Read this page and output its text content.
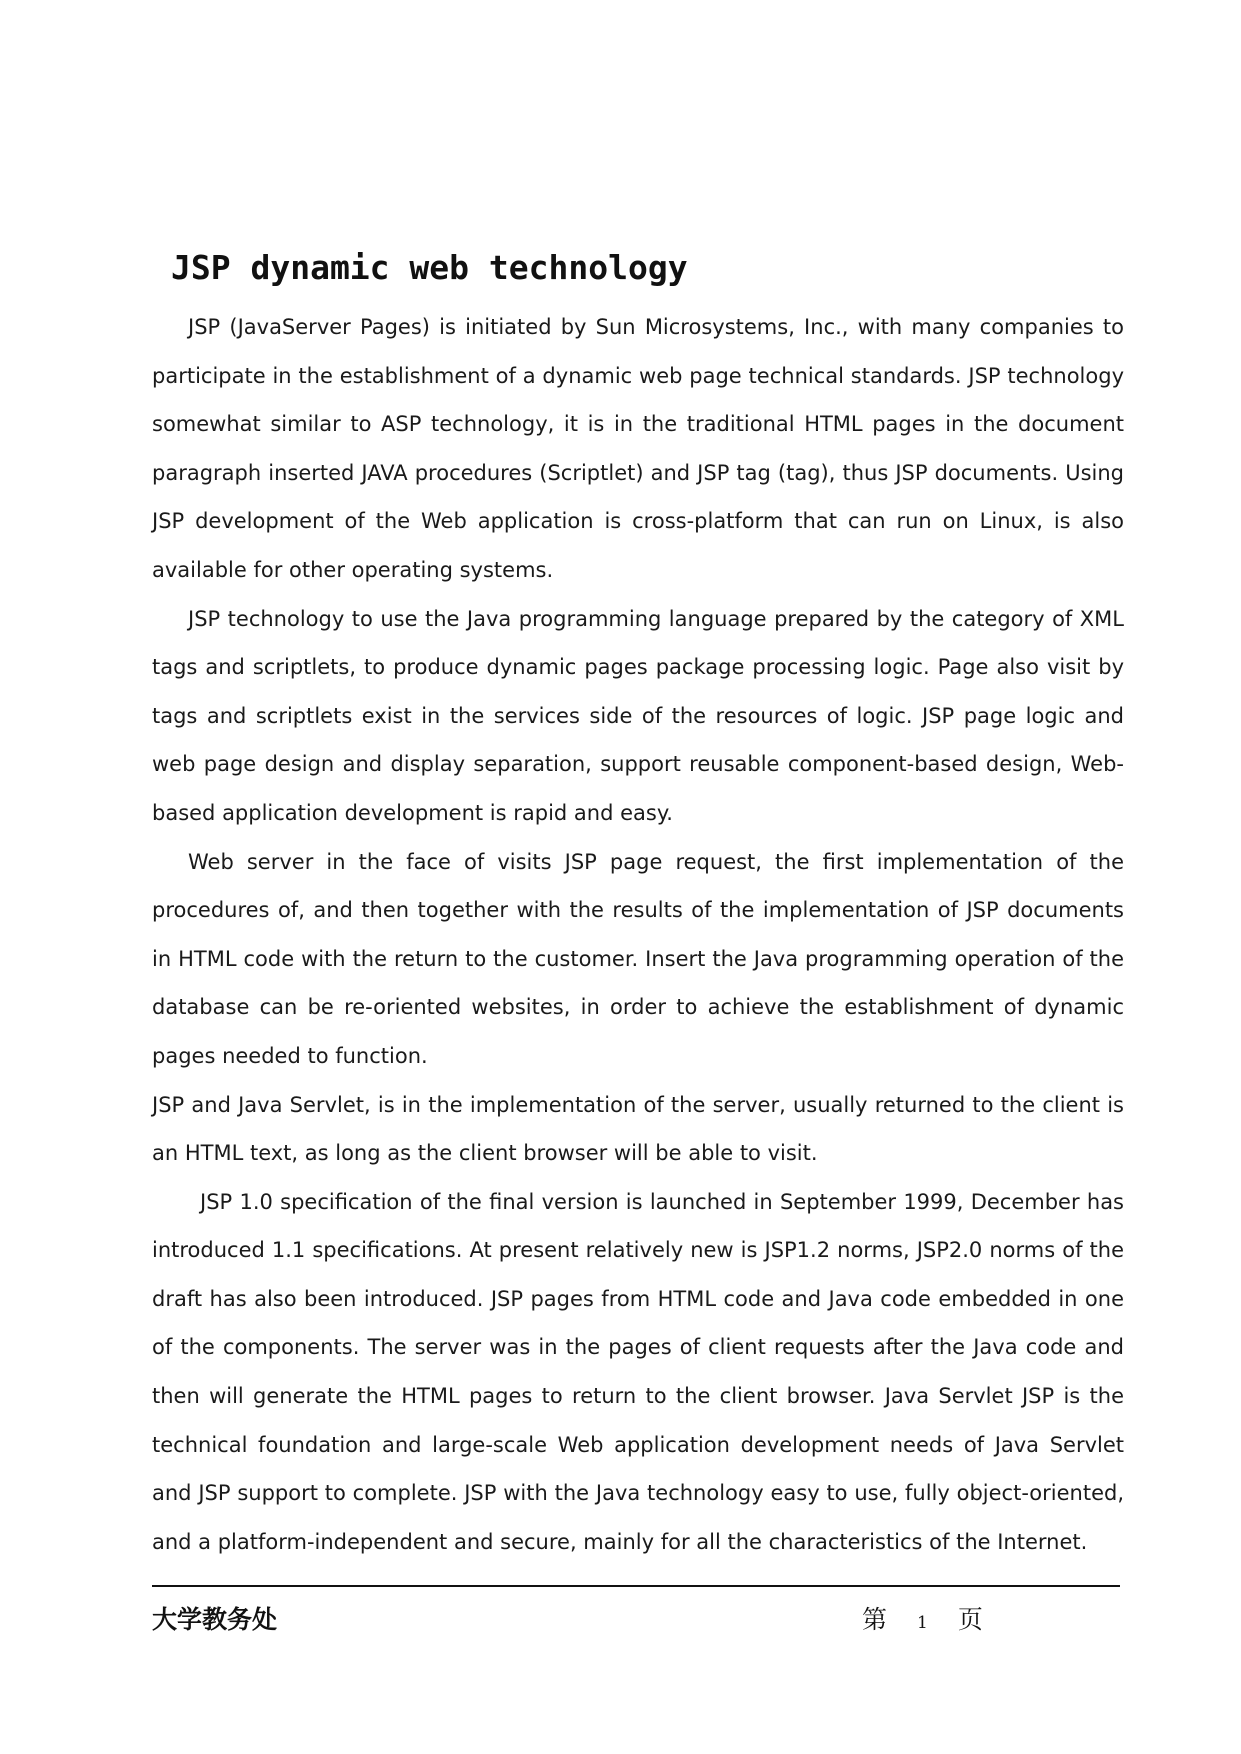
JSP dynamic web technology

JSP (JavaServer Pages) is initiated by Sun Microsystems, Inc., with many companies to participate in the establishment of a dynamic web page technical standards. JSP technology somewhat similar to ASP technology, it is in the traditional HTML pages in the document paragraph inserted JAVA procedures (Scriptlet) and JSP tag (tag), thus JSP documents. Using JSP development of the Web application is cross-platform that can run on Linux, is also available for other operating systems.

JSP technology to use the Java programming language prepared by the category of XML tags and scriptlets, to produce dynamic pages package processing logic. Page also visit by tags and scriptlets exist in the services side of the resources of logic. JSP page logic and web page design and display separation, support reusable component-based design, Web-based application development is rapid and easy.

Web server in the face of visits JSP page request, the first implementation of the procedures of, and then together with the results of the implementation of JSP documents in HTML code with the return to the customer. Insert the Java programming operation of the database can be re-oriented websites, in order to achieve the establishment of dynamic pages needed to function.

JSP and Java Servlet, is in the implementation of the server, usually returned to the client is an HTML text, as long as the client browser will be able to visit.

JSP 1.0 specification of the final version is launched in September 1999, December has introduced 1.1 specifications. At present relatively new is JSP1.2 norms, JSP2.0 norms of the draft has also been introduced. JSP pages from HTML code and Java code embedded in one of the components. The server was in the pages of client requests after the Java code and then will generate the HTML pages to return to the client browser. Java Servlet JSP is the technical foundation and large-scale Web application development needs of Java Servlet and JSP support to complete. JSP with the Java technology easy to use, fully object-oriented, and a platform-independent and secure, mainly for all the characteristics of the Internet.

大学教务处	第 1 页
